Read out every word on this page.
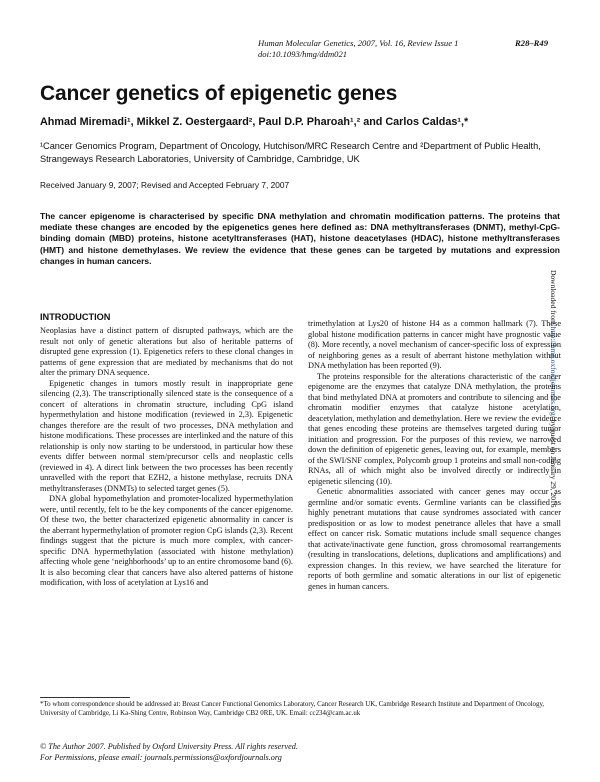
Human Molecular Genetics, 2007, Vol. 16, Review Issue 1
doi:10.1093/hmg/ddm021
R28–R49
Cancer genetics of epigenetic genes
Ahmad Miremadi¹, Mikkel Z. Oestergaard², Paul D.P. Pharoah¹,² and Carlos Caldas¹,*
¹Cancer Genomics Program, Department of Oncology, Hutchison/MRC Research Centre and ²Department of Public Health, Strangeways Research Laboratories, University of Cambridge, Cambridge, UK
Received January 9, 2007; Revised and Accepted February 7, 2007
The cancer epigenome is characterised by specific DNA methylation and chromatin modification patterns. The proteins that mediate these changes are encoded by the epigenetics genes here defined as: DNA methyltransferases (DNMT), methyl-CpG-binding domain (MBD) proteins, histone acetyltransferases (HAT), histone deacetylases (HDAC), histone methyltransferases (HMT) and histone demethylases. We review the evidence that these genes can be targeted by mutations and expression changes in human cancers.
Downloaded from http://hmg.oxfordjournals.org/ by guest on January 29, 2016
INTRODUCTION

Neoplasias have a distinct pattern of disrupted pathways, which are the result not only of genetic alterations but also of heritable patterns of disrupted gene expression (1). Epigenetics refers to these clonal changes in patterns of gene expression that are mediated by mechanisms that do not alter the primary DNA sequence.

Epigenetic changes in tumors mostly result in inappropriate gene silencing (2,3). The transcriptionally silenced state is the consequence of a concert of alterations in chromatin structure, including CpG island hypermethylation and histone modification (reviewed in 2,3). Epigenetic changes therefore are the result of two processes, DNA methylation and histone modifications. These processes are interlinked and the nature of this relationship is only now starting to be understood, in particular how these events differ between normal stem/precursor cells and neoplastic cells (reviewed in 4). A direct link between the two processes has been recently unravelled with the report that EZH2, a histone methylase, recruits DNA methyltransferases (DNMTs) to selected target genes (5).

DNA global hypomethylation and promoter-localized hypermethylation were, until recently, felt to be the key components of the cancer epigenome. Of these two, the better characterized epigenetic abnormality in cancer is the aberrant hypermethylation of promoter region CpG islands (2,3). Recent findings suggest that the picture is much more complex, with cancer-specific DNA hypermethylation (associated with histone methylation) affecting whole gene ‘neighborhoods’ up to an entire chromosome band (6). It is also becoming clear that cancers have also altered patterns of histone modification, with loss of acetylation at Lys16 and

trimethylation at Lys20 of histone H4 as a common hallmark (7). These global histone modification patterns in cancer might have prognostic value (8). More recently, a novel mechanism of cancer-specific loss of expression of neighboring genes as a result of aberrant histone methylation without DNA methylation has been reported (9).

The proteins responsible for the alterations characteristic of the cancer epigenome are the enzymes that catalyze DNA methylation, the proteins that bind methylated DNA at promoters and contribute to silencing and the chromatin modifier enzymes that catalyze histone acetylation, deacetylation, methylation and demethylation. Here we review the evidence that genes encoding these proteins are themselves targeted during tumor initiation and progression. For the purposes of this review, we narrowed down the definition of epigenetic genes, leaving out, for example, members of the SWI/SNF complex, Polycomb group 1 proteins and small non-coding RNAs, all of which might also be involved directly or indirectly in epigenetic silencing (10).

Genetic abnormalities associated with cancer genes may occur as germline and/or somatic events. Germline variants can be classified as highly penetrant mutations that cause syndromes associated with cancer predisposition or as low to modest penetrance alleles that have a small effect on cancer risk. Somatic mutations include small sequence changes that activate/inactivate gene function, gross chromosomal rearrangements (resulting in translocations, deletions, duplications and amplifications) and expression changes. In this review, we have searched the literature for reports of both germline and somatic alterations in our list of epigenetic genes in human cancers.

*To whom correspondence should be addressed at: Breast Cancer Functional Genomics Laboratory, Cancer Research UK, Cambridge Research Institute and Department of Oncology, University of Cambridge, Li Ka-Shing Centre, Robinson Way, Cambridge CB2 0RE, UK. Email: cc234@cam.ac.uk
© The Author 2007. Published by Oxford University Press. All rights reserved.
For Permissions, please email: journals.permissions@oxfordjournals.org
